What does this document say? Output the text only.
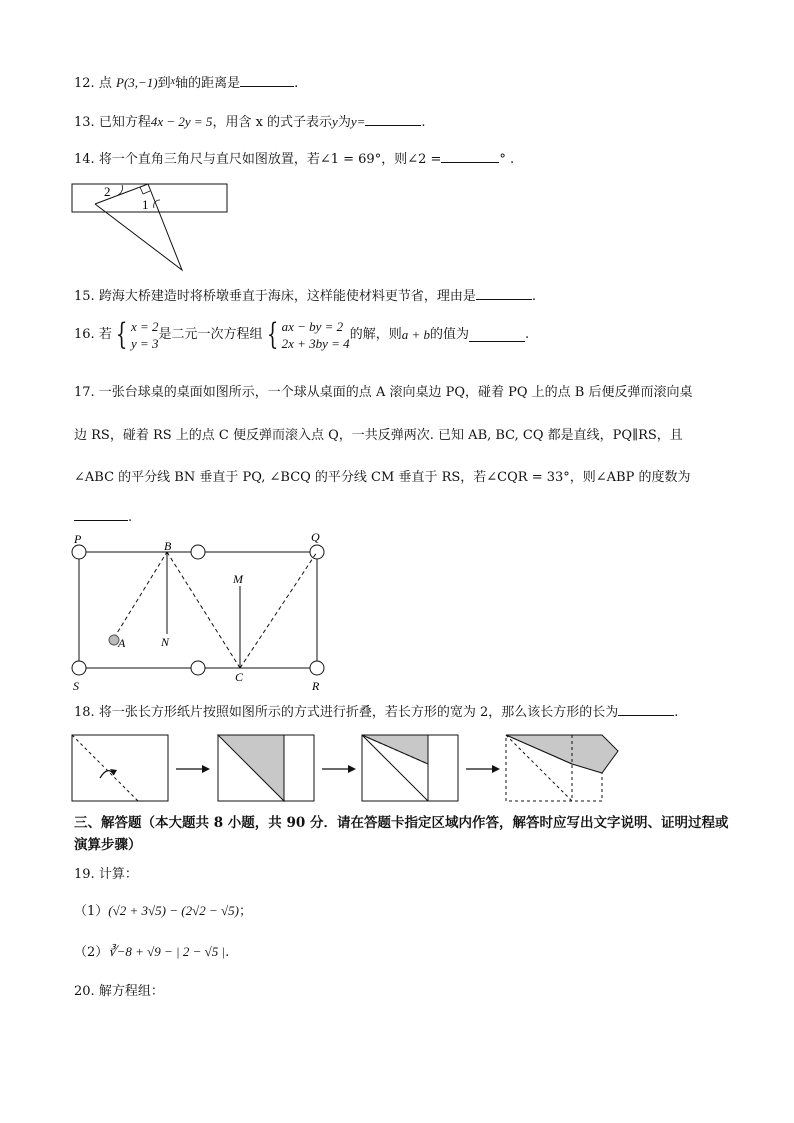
12. 点 P(3,−1)到$^x$轴的距离是	.
13. 已知方程4x − 2y = 5，用含 x 的式子表示y为y=	.
14. 将一个直角三角尺与直尺如图放置，若∠1 = 69°，则∠2 =	° .
2
1
15. 跨海大桥建造时将桥墩垂直于海床，这样能使材料更节省，理由是	.
16. 若 { x = 2
y = 3是二元一次方程组 { ax − by = 2
2x + 3by = 4的解，则a + b的值为	.
17. 一张台球桌的桌面如图所示，一个球从桌面的点 A 滚向桌边 PQ，碰着 PQ 上的点 B 后便反弹而滚向桌
边 RS，碰着 RS 上的点 C 便反弹而滚入点 Q，一共反弹两次. 已知 AB, BC, CQ 都是直线，PQ∥RS，且
∠ABC 的平分线 BN 垂直于 PQ, ∠BCQ 的平分线 CM 垂直于 RS，若∠CQR = 33°，则∠ABP 的度数为
.
P	B
Q
M
A	N
C
S	R
18. 将一张长方形纸片按照如图所示的方式进行折叠，若长方形的宽为 2，那么该长方形的长为	.
三、解答题（本大题共 8 小题，共 90 分．请在答题卡指定区域内作答，解答时应写出文字说明、证明过程或演算步骤）
19. 计算：
（1）(√2 + 3√5) − (2√2 − √5)；
（2）∛−8 + √9 − | 2 − √5 |.
20. 解方程组：
